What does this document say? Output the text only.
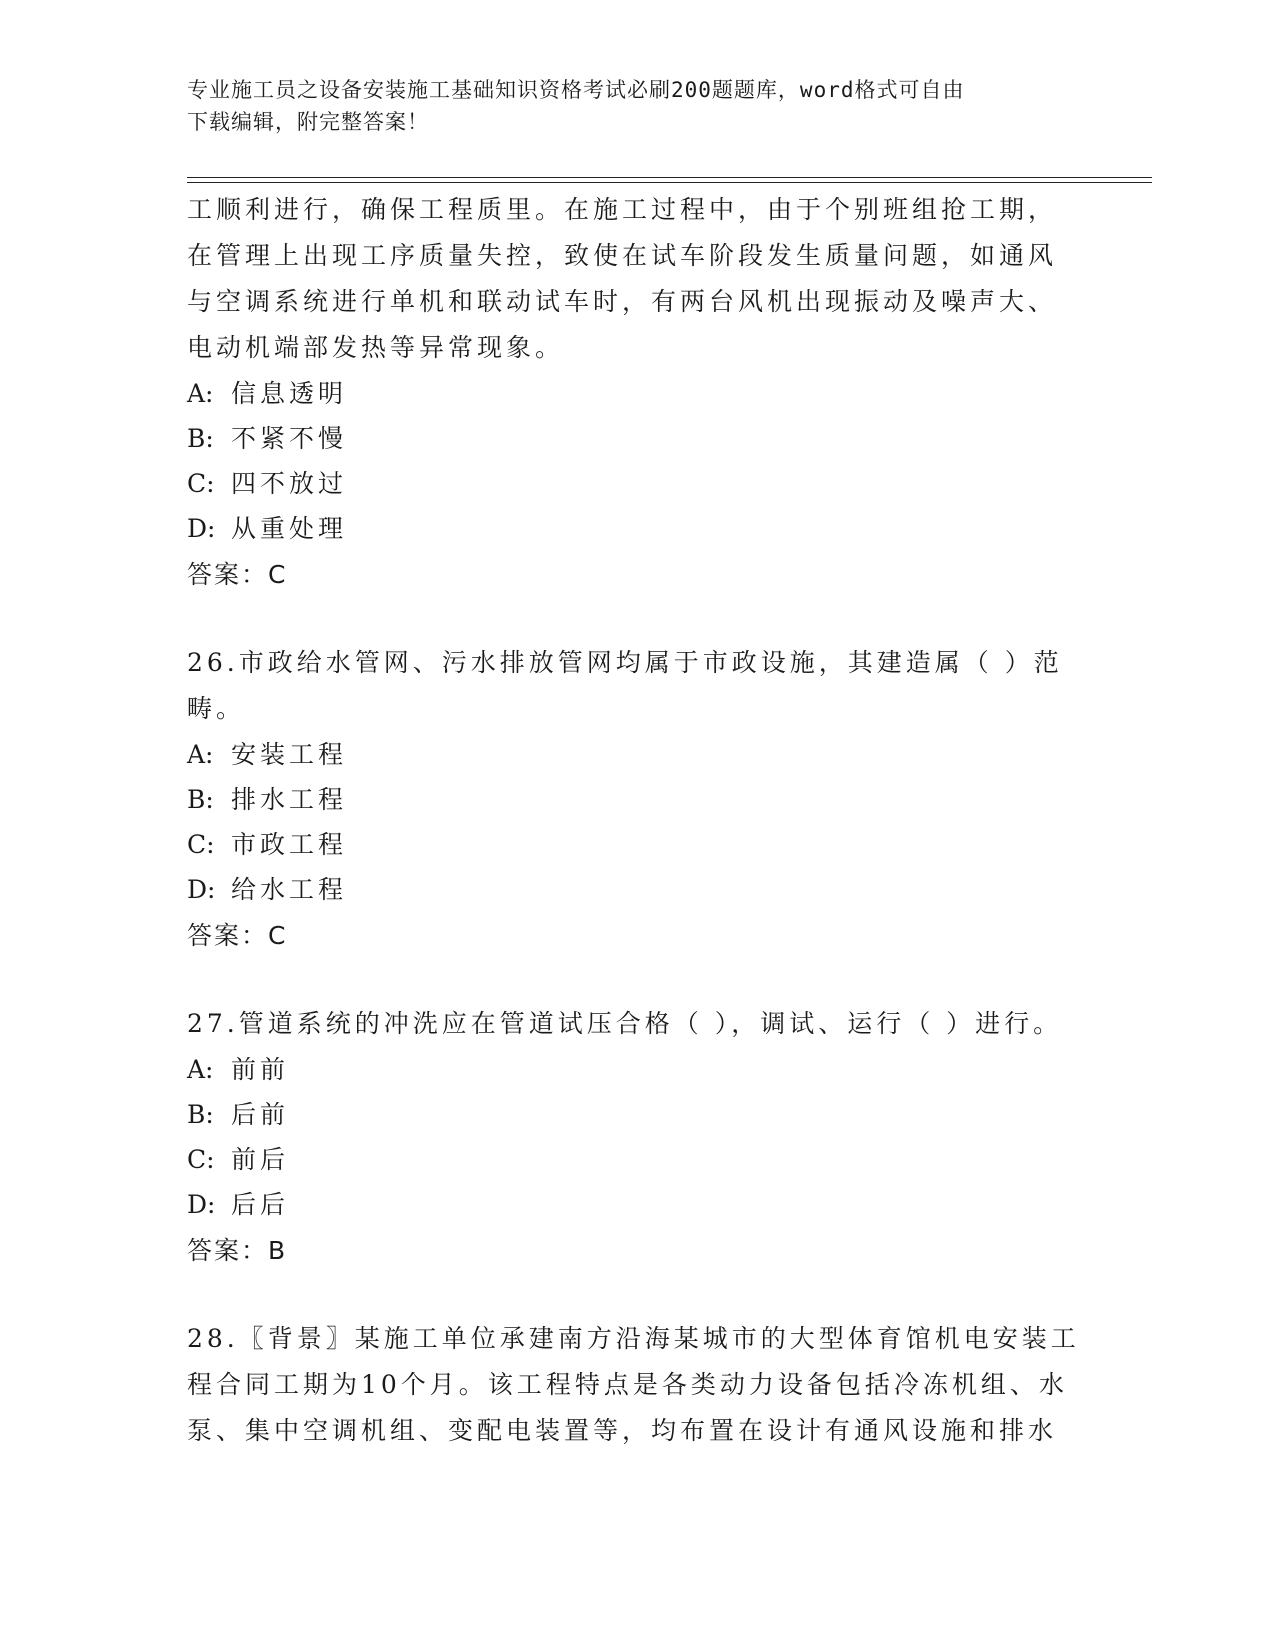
专业施工员之设备安装施工基础知识资格考试必刷200题题库，word格式可自由
下载编辑，附完整答案！
工顺利进行，确保工程质里。在施工过程中，由于个别班组抢工期，
在管理上出现工序质量失控，致使在试车阶段发生质量问题，如通风
与空调系统进行单机和联动试车时，有两台风机出现振动及噪声大、
电动机端部发热等异常现象。
A: 信息透明
B: 不紧不慢
C: 四不放过
D: 从重处理
答案：C
26.市政给水管网、污水排放管网均属于市政设施，其建造属（ ）范
畴。
A: 安装工程
B: 排水工程
C: 市政工程
D: 给水工程
答案：C
27.管道系统的冲洗应在管道试压合格（ ），调试、运行（ ）进行。
A: 前前
B: 后前
C: 前后
D: 后后
答案：B
28.〖背景〗某施工单位承建南方沿海某城市的大型体育馆机电安装工
程合同工期为10个月。该工程特点是各类动力设备包括冷冻机组、水
泵、集中空调机组、变配电装置等，均布置在设计有通风设施和排水
